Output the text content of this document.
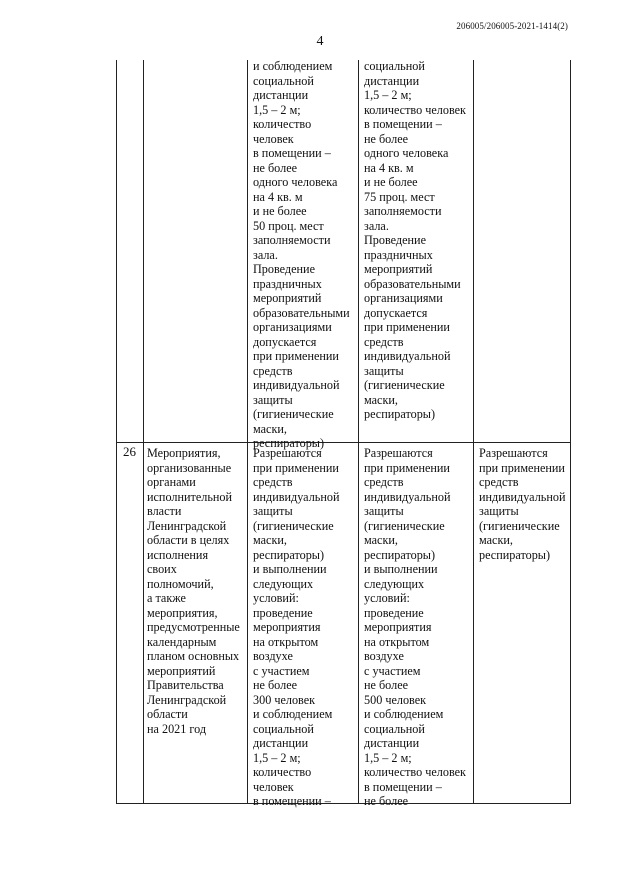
206005/206005-2021-1414(2)
4
и соблюдением
социальной
дистанции
1,5 – 2 м;
количество
человек
в помещении –
не более
одного человека
на 4 кв. м
и не более
50 проц. мест
заполняемости
зала.
Проведение
праздничных
мероприятий
образовательными
организациями
допускается
при применении
средств
индивидуальной
защиты
(гигиенические
маски,
респираторы)
социальной
дистанции
1,5 – 2 м;
количество человек
в помещении –
не более
одного человека
на 4 кв. м
и не более
75 проц. мест
заполняемости
зала.
Проведение
праздничных
мероприятий
образовательными
организациями
допускается
при применении
средств
индивидуальной
защиты
(гигиенические
маски,
респираторы)
26 Мероприятия,
организованные
органами
исполнительной
власти
Ленинградской
области в целях
исполнения
своих
полномочий,
а также
мероприятия,
предусмотренные
календарным
планом основных
мероприятий
Правительства
Ленинградской
области
на 2021 год
Разрешаются
при применении
средств
индивидуальной
защиты
(гигиенические
маски,
респираторы)
и выполнении
следующих
условий:
проведение
мероприятия
на открытом
воздухе
с участием
не более
300 человек
и соблюдением
социальной
дистанции
1,5 – 2 м;
количество
человек
в помещении –
Разрешаются
при применении
средств
индивидуальной
защиты
(гигиенические
маски,
респираторы)
и выполнении
следующих
условий:
проведение
мероприятия
на открытом
воздухе
с участием
не более
500 человек
и соблюдением
социальной
дистанции
1,5 – 2 м;
количество человек
в помещении –
не более
Разрешаются
при применении
средств
индивидуальной
защиты
(гигиенические
маски,
респираторы)
